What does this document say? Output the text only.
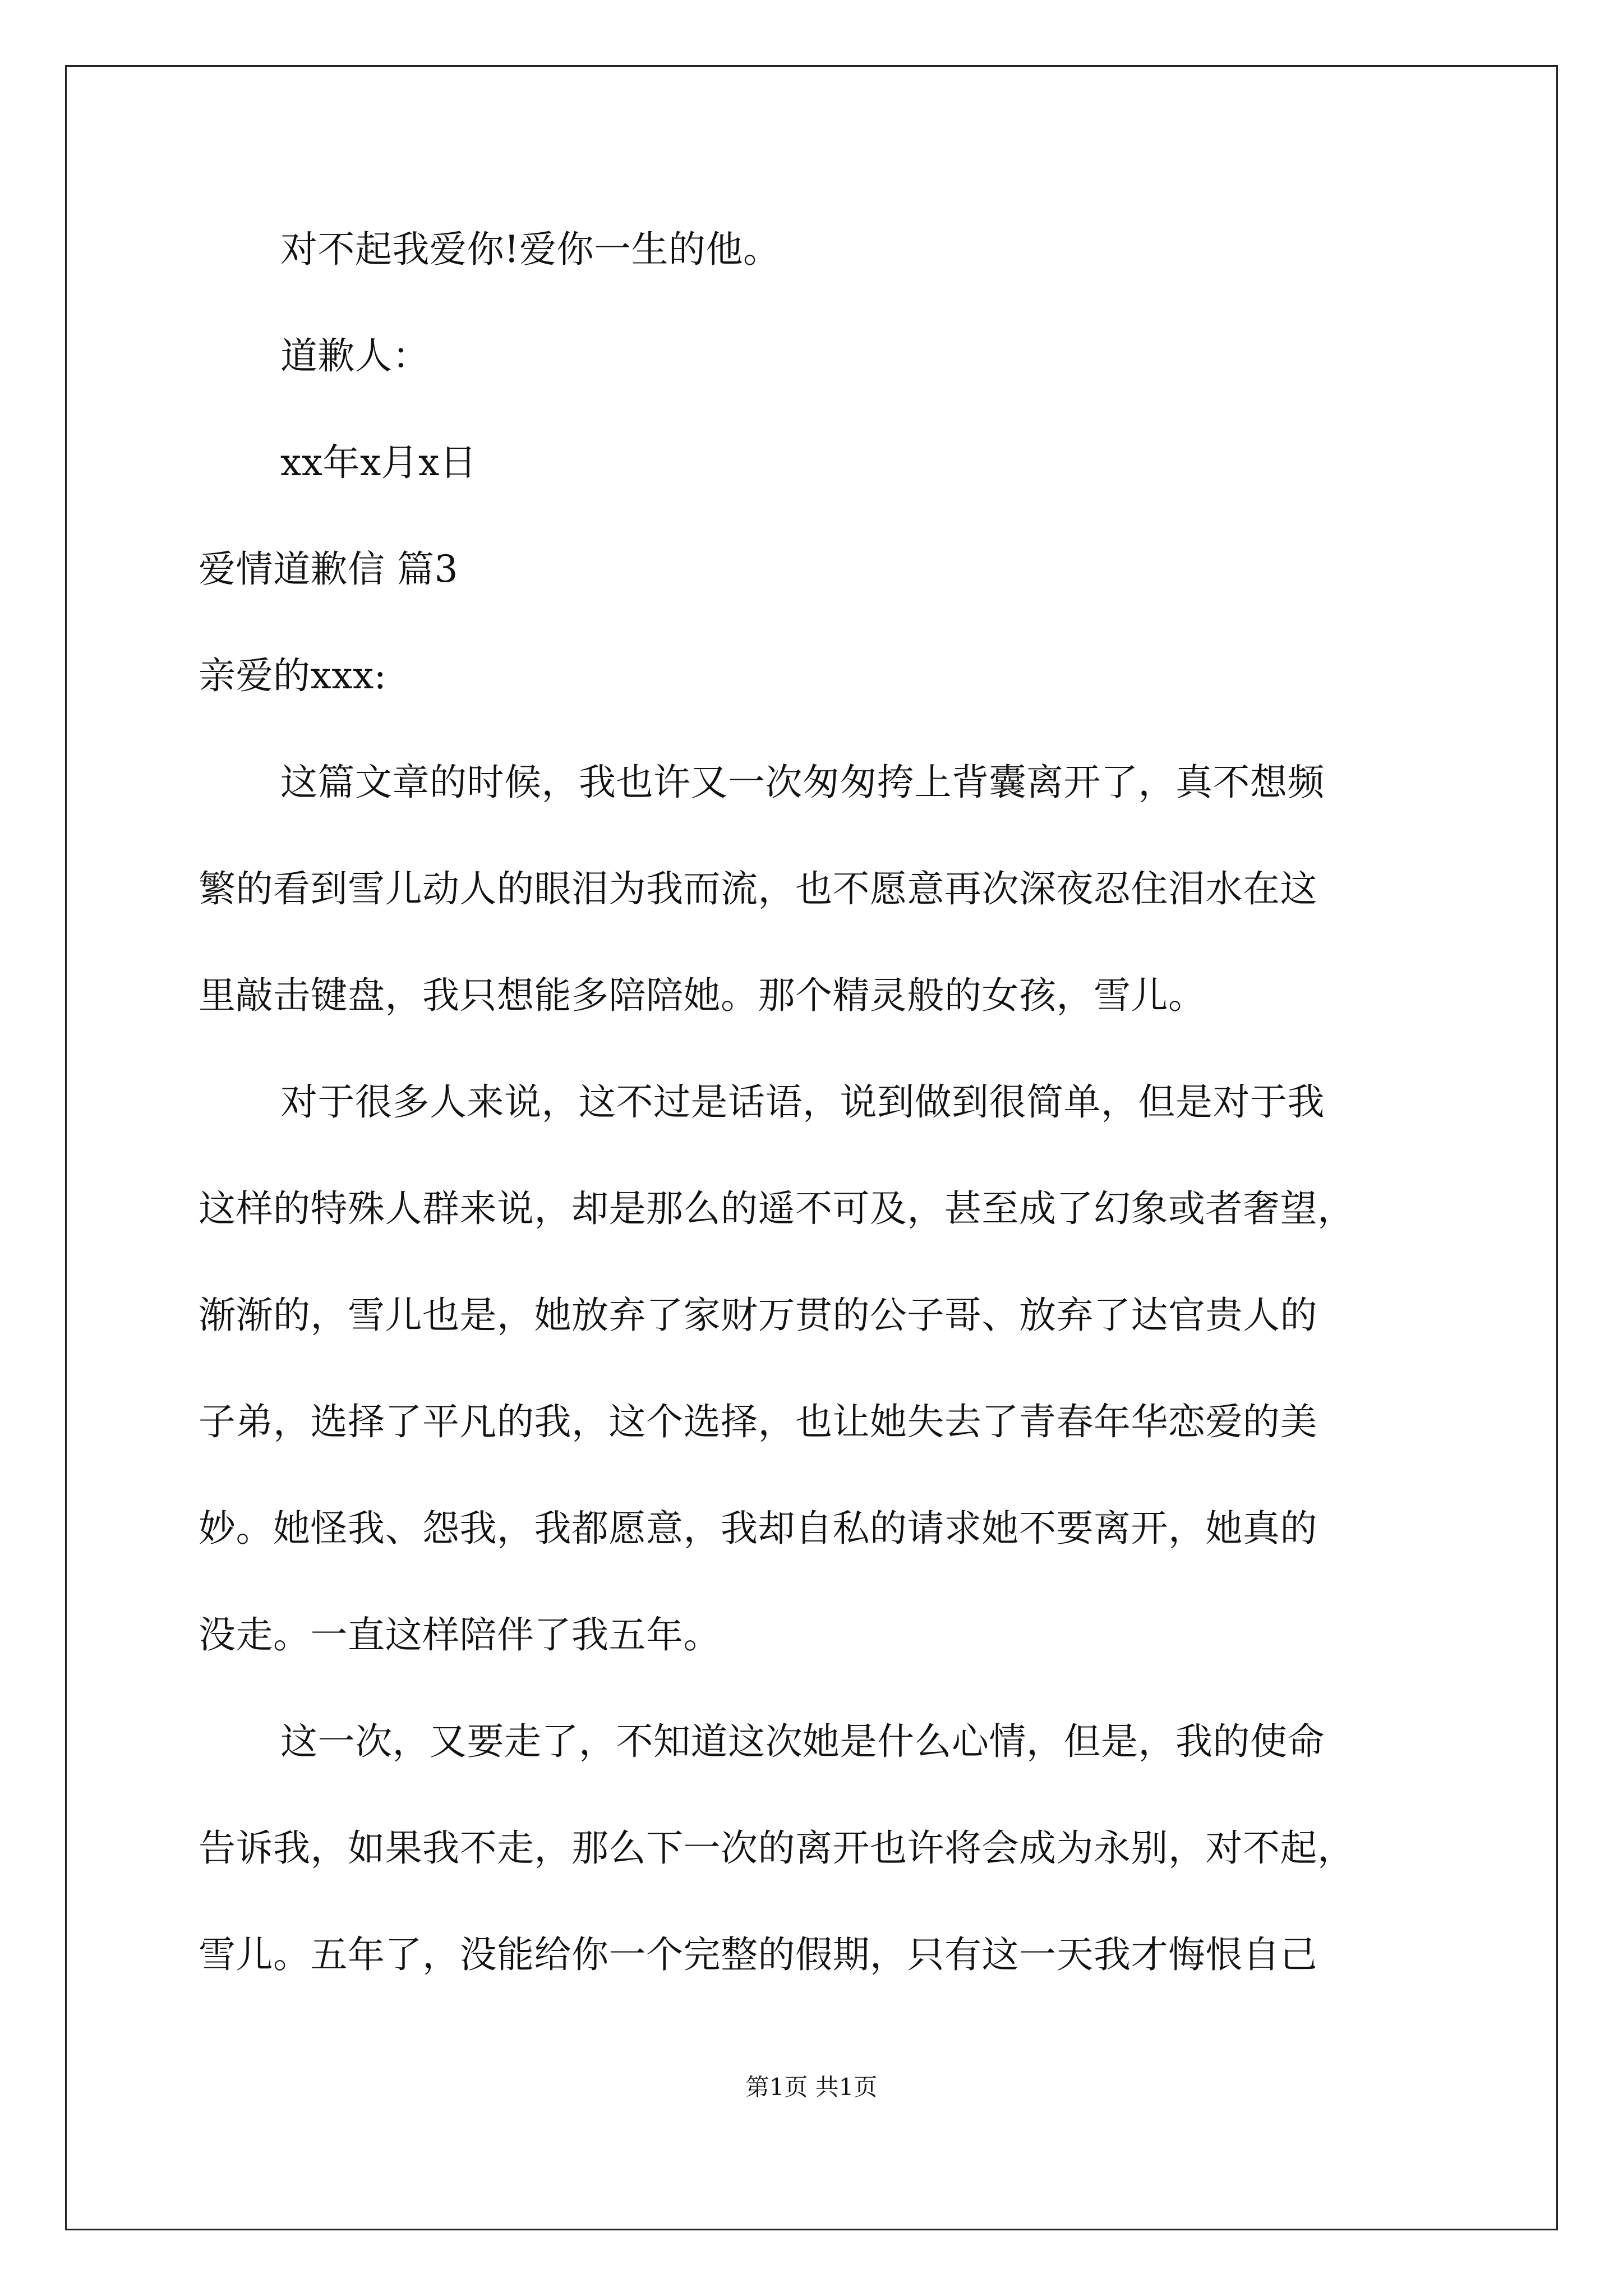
对不起我爱你!爱你一生的他。
道歉人：
xx年x月x日
爱情道歉信 篇3
亲爱的xxx:
这篇文章的时候，我也许又一次匆匆挎上背囊离开了，真不想频
繁的看到雪儿动人的眼泪为我而流，也不愿意再次深夜忍住泪水在这
里敲击键盘，我只想能多陪陪她。那个精灵般的女孩，雪儿。
对于很多人来说，这不过是话语，说到做到很简单，但是对于我
这样的特殊人群来说，却是那么的遥不可及，甚至成了幻象或者奢望，
渐渐的，雪儿也是，她放弃了家财万贯的公子哥、放弃了达官贵人的
子弟，选择了平凡的我，这个选择，也让她失去了青春年华恋爱的美
妙。她怪我、怨我，我都愿意，我却自私的请求她不要离开，她真的
没走。一直这样陪伴了我五年。
这一次，又要走了，不知道这次她是什么心情，但是，我的使命
告诉我，如果我不走，那么下一次的离开也许将会成为永别，对不起，
雪儿。五年了，没能给你一个完整的假期，只有这一天我才悔恨自己
第1页 共1页
